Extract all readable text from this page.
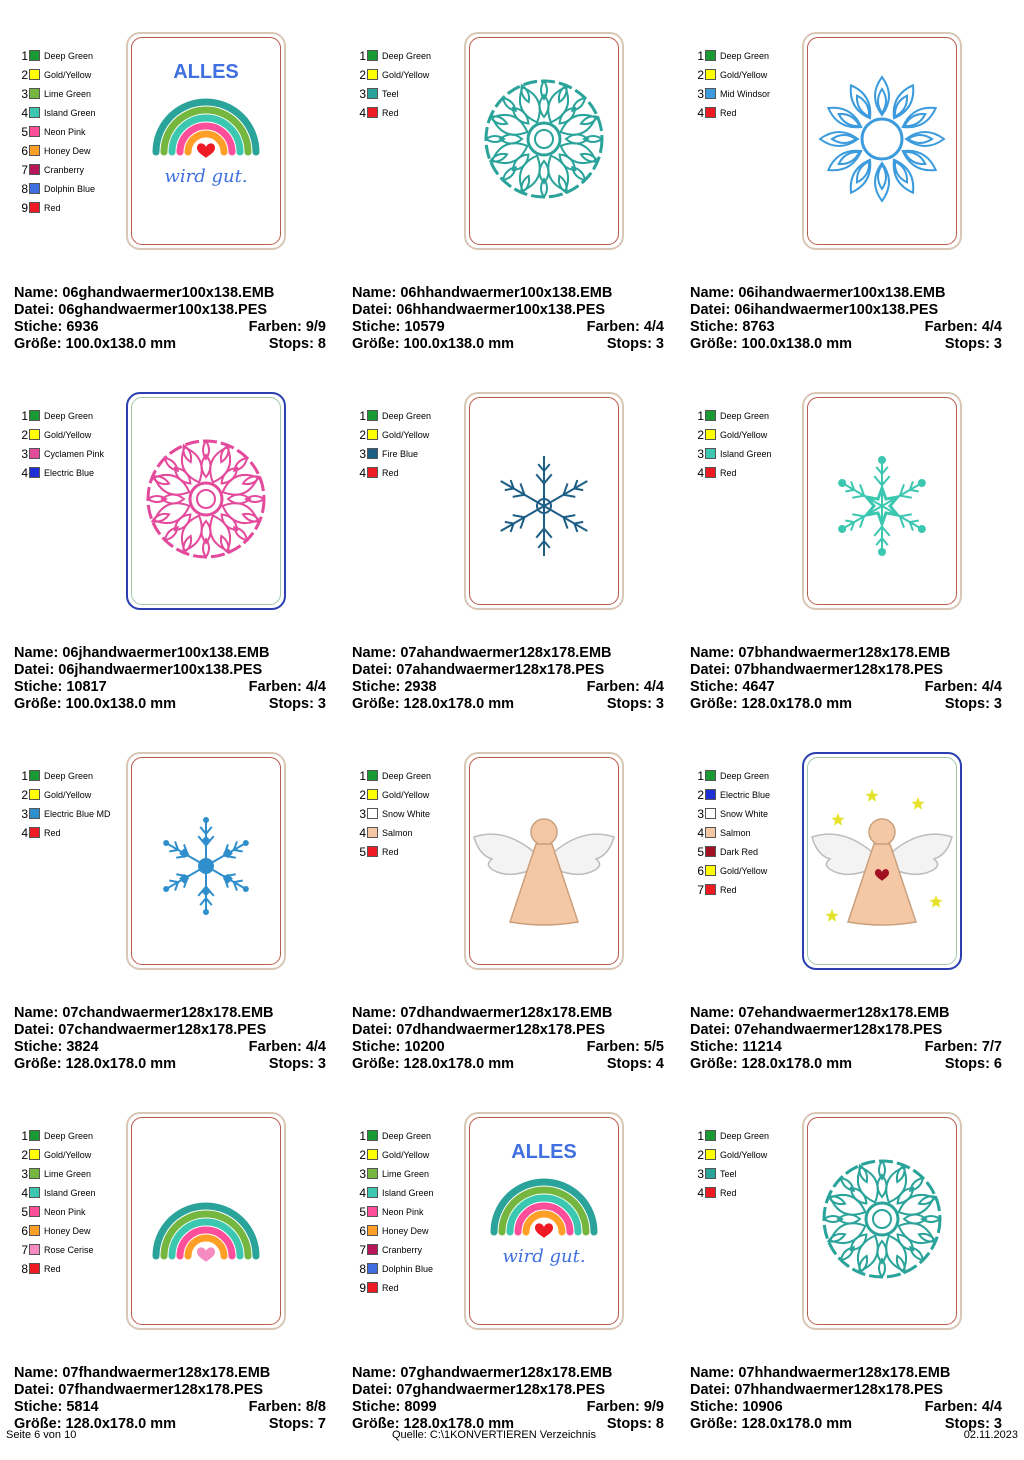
1 Deep Green
2 Gold/Yellow
3 Lime Green
4 Island Green
5 Neon Pink
6 Honey Dew
7 Cranberry
8 Dolphin Blue
9 Red
ALLES
wird gut.
Name: 06ghandwaermer100x138.EMB
Datei: 06ghandwaermer100x138.PES
Stiche: 6936	Farben: 9/9
Größe: 100.0x138.0 mm	Stops: 8
1 Deep Green
2 Gold/Yellow
3 Teel
4 Red
Name: 06hhandwaermer100x138.EMB
Datei: 06hhandwaermer100x138.PES
Stiche: 10579	Farben: 4/4
Größe: 100.0x138.0 mm	Stops: 3
1 Deep Green
2 Gold/Yellow
3 Mid Windsor
4 Red
Name: 06ihandwaermer100x138.EMB
Datei: 06ihandwaermer100x138.PES
Stiche: 8763	Farben: 4/4
Größe: 100.0x138.0 mm	Stops: 3
1 Deep Green
2 Gold/Yellow
3 Cyclamen Pink
4 Electric Blue
Name: 06jhandwaermer100x138.EMB
Datei: 06jhandwaermer100x138.PES
Stiche: 10817	Farben: 4/4
Größe: 100.0x138.0 mm	Stops: 3
1 Deep Green
2 Gold/Yellow
3 Fire Blue
4 Red
Name: 07ahandwaermer128x178.EMB
Datei: 07ahandwaermer128x178.PES
Stiche: 2938	Farben: 4/4
Größe: 128.0x178.0 mm	Stops: 3
1 Deep Green
2 Gold/Yellow
3 Island Green
4 Red
Name: 07bhandwaermer128x178.EMB
Datei: 07bhandwaermer128x178.PES
Stiche: 4647	Farben: 4/4
Größe: 128.0x178.0 mm	Stops: 3
1 Deep Green
2 Gold/Yellow
3 Electric Blue MD
4 Red
Name: 07chandwaermer128x178.EMB
Datei: 07chandwaermer128x178.PES
Stiche: 3824	Farben: 4/4
Größe: 128.0x178.0 mm	Stops: 3
1 Deep Green
2 Gold/Yellow
3 Snow White
4 Salmon
5 Red
Name: 07dhandwaermer128x178.EMB
Datei: 07dhandwaermer128x178.PES
Stiche: 10200	Farben: 5/5
Größe: 128.0x178.0 mm	Stops: 4
1 Deep Green
2 Electric Blue
3 Snow White
4 Salmon
5 Dark Red
6 Gold/Yellow
7 Red
Name: 07ehandwaermer128x178.EMB
Datei: 07ehandwaermer128x178.PES
Stiche: 11214	Farben: 7/7
Größe: 128.0x178.0 mm	Stops: 6
1 Deep Green
2 Gold/Yellow
3 Lime Green
4 Island Green
5 Neon Pink
6 Honey Dew
7 Rose Cerise
8 Red
Name: 07fhandwaermer128x178.EMB
Datei: 07fhandwaermer128x178.PES
Stiche: 5814	Farben: 8/8
Größe: 128.0x178.0 mm	Stops: 7
1 Deep Green
2 Gold/Yellow
3 Lime Green
4 Island Green
5 Neon Pink
6 Honey Dew
7 Cranberry
8 Dolphin Blue
9 Red
ALLES
wird gut.
Name: 07ghandwaermer128x178.EMB
Datei: 07ghandwaermer128x178.PES
Stiche: 8099	Farben: 9/9
Größe: 128.0x178.0 mm	Stops: 8
1 Deep Green
2 Gold/Yellow
3 Teel
4 Red
Name: 07hhandwaermer128x178.EMB
Datei: 07hhandwaermer128x178.PES
Stiche: 10906	Farben: 4/4
Größe: 128.0x178.0 mm	Stops: 3
Seite 6 von 10	Quelle: C:\1KONVERTIEREN Verzeichnis	02.11.2023
